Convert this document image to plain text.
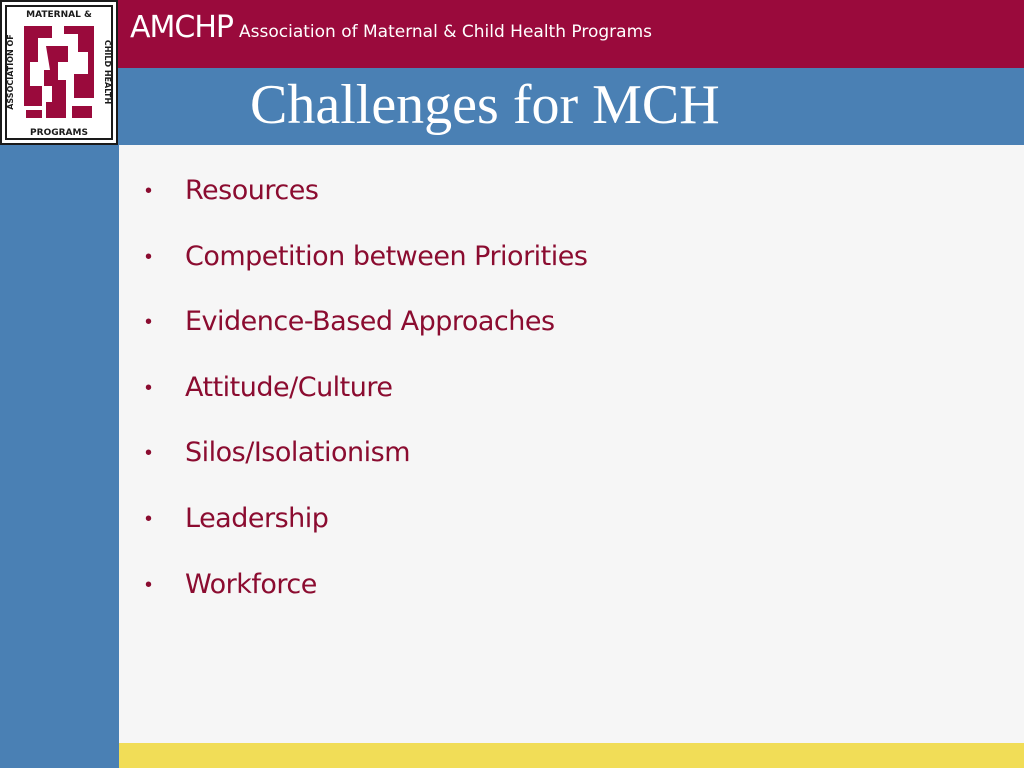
AMCHP Association of Maternal & Child Health Programs
Challenges for MCH
MATERNAL &
PROGRAMS
ASSOCIATION OF	CHILD HEALTH
•	Resources
•	Competition between Priorities
•	Evidence-Based Approaches
•	Attitude/Culture
•	Silos/Isolationism
•	Leadership
•	Workforce
